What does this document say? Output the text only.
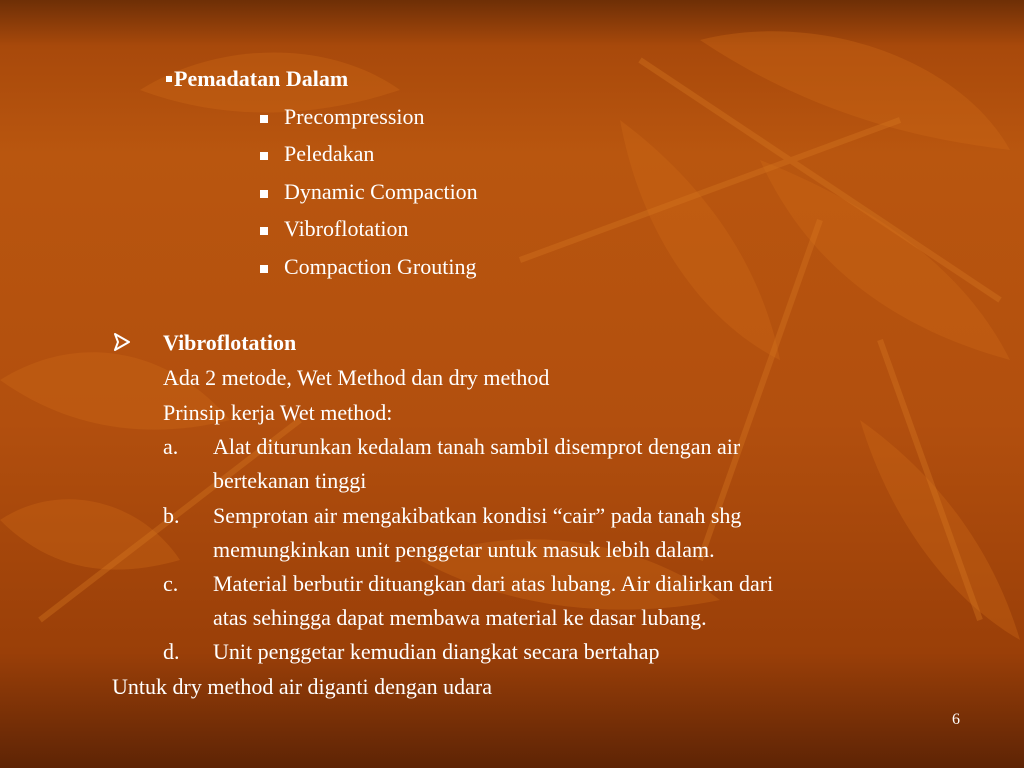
Pemadatan Dalam
Precompression
Peledakan
Dynamic Compaction
Vibroflotation
Compaction Grouting
Vibroflotation
Ada 2 metode, Wet Method dan dry method
Prinsip kerja Wet method:
a. Alat diturunkan kedalam tanah sambil disemprot dengan air
bertekanan tinggi
b. Semprotan air mengakibatkan kondisi “cair” pada tanah shg
memungkinkan unit penggetar untuk masuk lebih dalam.
c. Material berbutir dituangkan dari atas lubang. Air dialirkan dari
atas sehingga dapat membawa material ke dasar lubang.
d. Unit penggetar kemudian diangkat secara bertahap
Untuk dry method air diganti dengan udara
6
